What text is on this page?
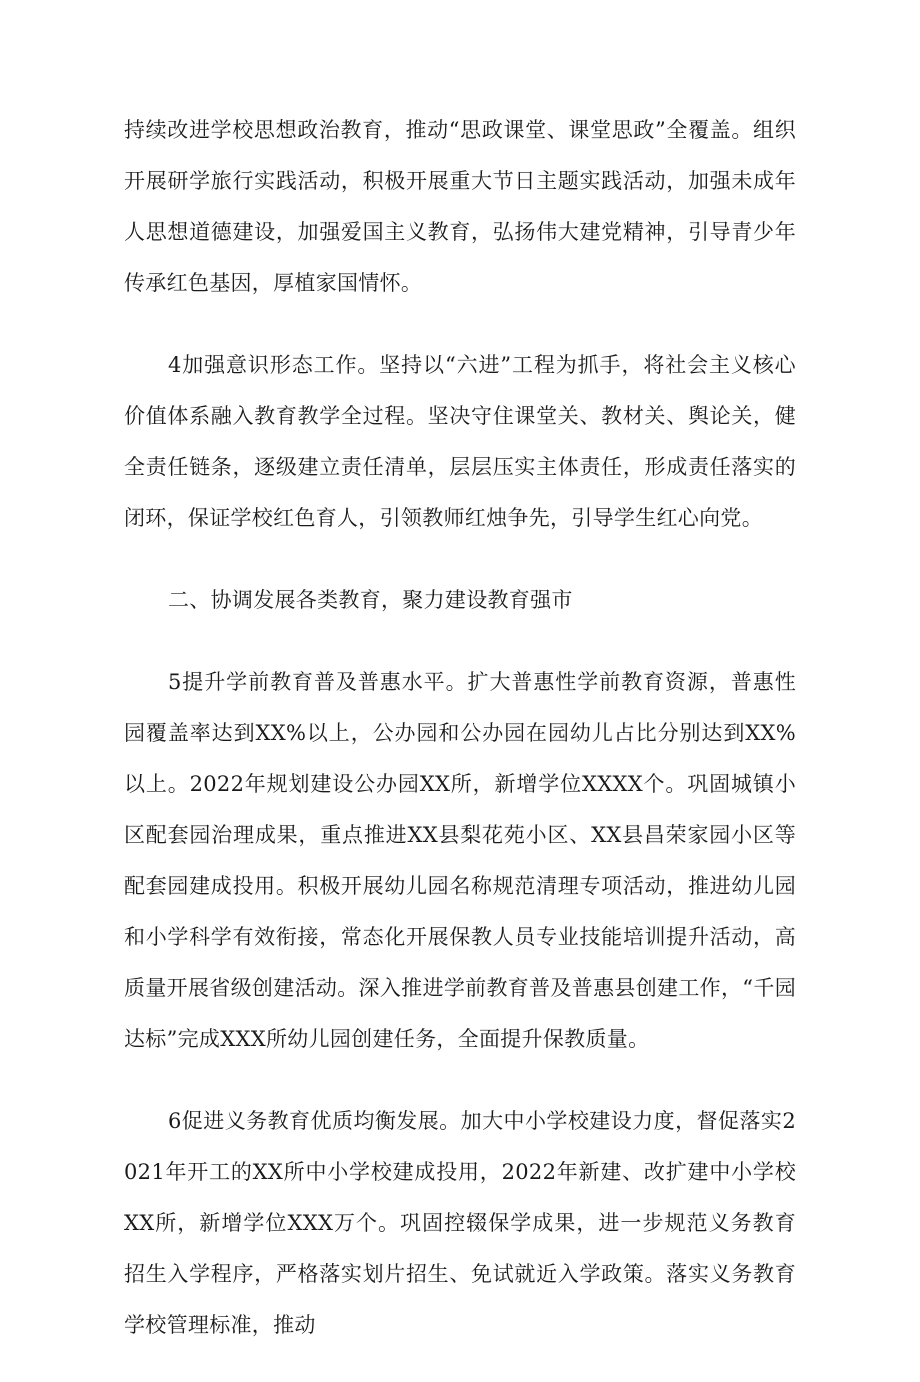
持续改进学校思想政治教育，推动“思政课堂、课堂思政”全覆盖。组织开展研学旅行实践活动，积极开展重大节日主题实践活动，加强未成年人思想道德建设，加强爱国主义教育，弘扬伟大建党精神，引导青少年传承红色基因，厚植家国情怀。

4加强意识形态工作。坚持以“六进”工程为抓手，将社会主义核心价值体系融入教育教学全过程。坚决守住课堂关、教材关、舆论关，健全责任链条，逐级建立责任清单，层层压实主体责任，形成责任落实的闭环，保证学校红色育人，引领教师红烛争先，引导学生红心向党。

二、协调发展各类教育，聚力建设教育强市

5提升学前教育普及普惠水平。扩大普惠性学前教育资源，普惠性园覆盖率达到XX%以上，公办园和公办园在园幼儿占比分别达到XX%以上。2022年规划建设公办园XX所，新增学位XXXX个。巩固城镇小区配套园治理成果，重点推进XX县梨花苑小区、XX县昌荣家园小区等配套园建成投用。积极开展幼儿园名称规范清理专项活动，推进幼儿园和小学科学有效衔接，常态化开展保教人员专业技能培训提升活动，高质量开展省级创建活动。深入推进学前教育普及普惠县创建工作，“千园达标”完成XXX所幼儿园创建任务，全面提升保教质量。

6促进义务教育优质均衡发展。加大中小学校建设力度，督促落实2021年开工的XX所中小学校建成投用，2022年新建、改扩建中小学校XX所，新增学位XXX万个。巩固控辍保学成果，进一步规范义务教育招生入学程序，严格落实划片招生、免试就近入学政策。落实义务教育学校管理标准，推动
